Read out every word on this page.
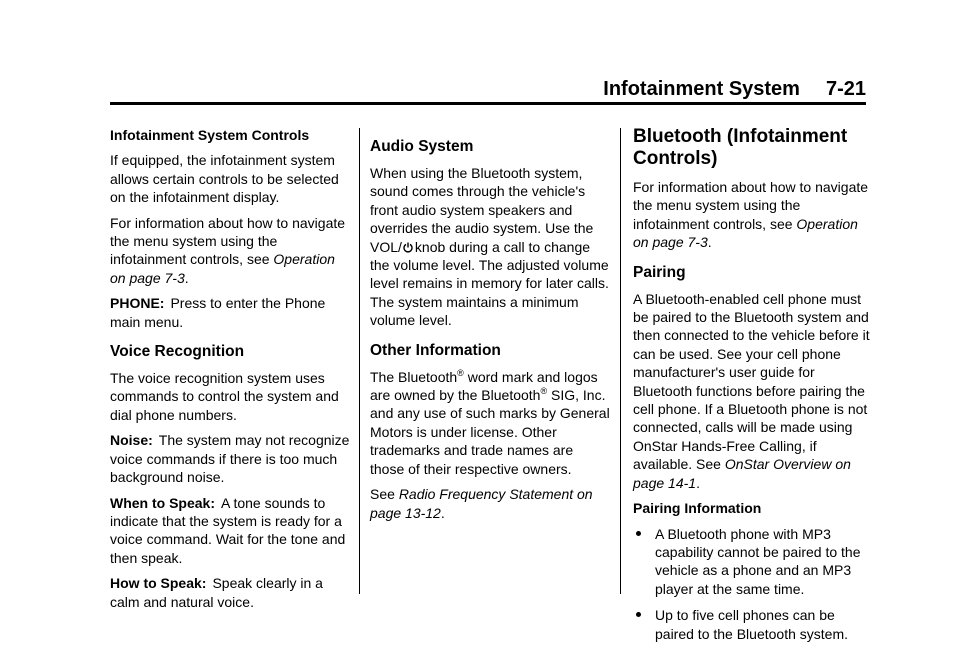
Infotainment System 7-21

Infotainment System Controls

If equipped, the infotainment system allows certain controls to be selected on the infotainment display.

For information about how to navigate the menu system using the infotainment controls, see Operation on page 7-3.

PHONE: Press to enter the Phone main menu.

Voice Recognition

The voice recognition system uses commands to control the system and dial phone numbers.

Noise: The system may not recognize voice commands if there is too much background noise.

When to Speak: A tone sounds to indicate that the system is ready for a voice command. Wait for the tone and then speak.

How to Speak: Speak clearly in a calm and natural voice.

Audio System

When using the Bluetooth system, sound comes through the vehicle's front audio system speakers and overrides the audio system. Use the VOL/ knob during a call to change the volume level. The adjusted volume level remains in memory for later calls. The system maintains a minimum volume level.

Other Information

The Bluetooth® word mark and logos are owned by the Bluetooth® SIG, Inc. and any use of such marks by General Motors is under license. Other trademarks and trade names are those of their respective owners.

See Radio Frequency Statement on page 13-12.

Bluetooth (Infotainment Controls)

For information about how to navigate the menu system using the infotainment controls, see Operation on page 7-3.

Pairing

A Bluetooth-enabled cell phone must be paired to the Bluetooth system and then connected to the vehicle before it can be used. See your cell phone manufacturer's user guide for Bluetooth functions before pairing the cell phone. If a Bluetooth phone is not connected, calls will be made using OnStar Hands-Free Calling, if available. See OnStar Overview on page 14-1.

Pairing Information

A Bluetooth phone with MP3 capability cannot be paired to the vehicle as a phone and an MP3 player at the same time.
Up to five cell phones can be paired to the Bluetooth system.
